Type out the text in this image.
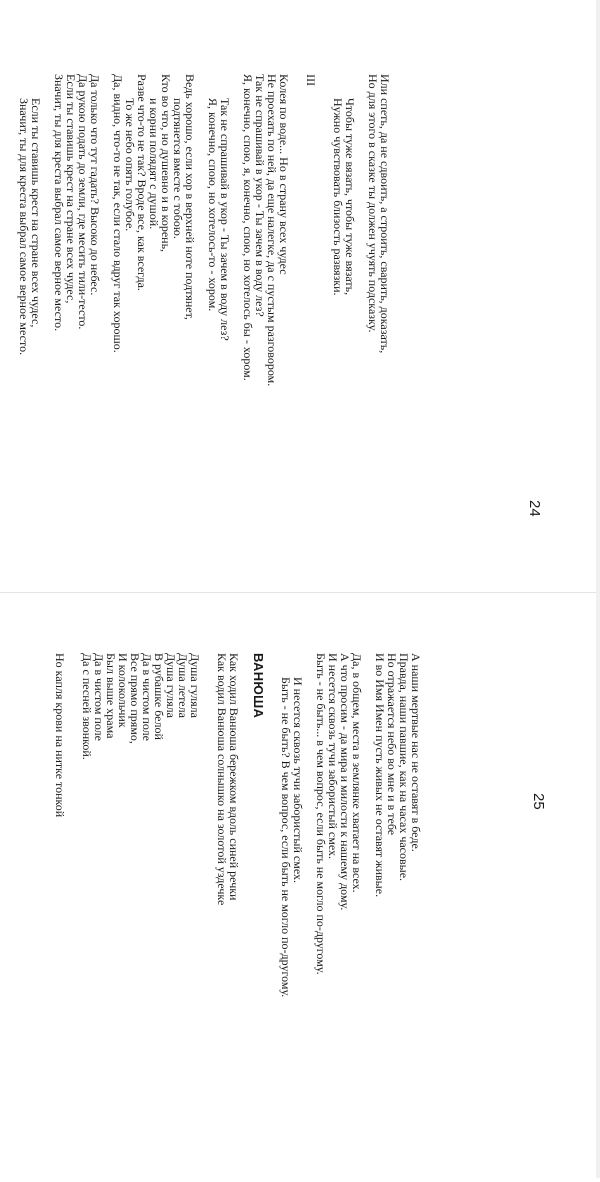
24
Или спеть, да не сдвоить, а строить, сварить, доказать,
Но для этого в сказке ты должен учуять подсказку.
Чтобы туже вязать, чтобы туже вязать,
Нужно чувствовать близость развязки.
III
Колея по воде... Но в страну всех чудес
Не проехать по ней, да еще налегке, да с пустым разговором.
Так не спрашивай в укор - Ты зачем в воду лез?
Я, конечно, спою, я, конечно, спою, но хотелось бы - хором.
Так не спрашивай в укор - Ты зачем в воду лез?
Я, конечно, спою, но хотелось-то - хором.
Ведь хорошо, если хор в верхней ноте подтянет,
подтянется вместе с тобою.
Кто во что, но душевно и в корень,
и корни полядят с душой.
Разве что-то не так? Вроде все, как всегда.
То же небо опять голубое.
Да, видно, что-то не так, если стало вдруг так хорошо.
Да только что тут гадать? Высоко до небес.
Да рукою подать до земли, где месить тили-тесто.
Если ты ставишь крест на стране всех чудес,
Значит, ты для креста выбрал самое верное место.
Если ты ставишь крест на стране всех чудес,
Значит, ты для креста выбрал самое верное место.
25
А наши мертвые нас не оставят в беде.
Правда, наши павшие, как на часах часовые.
Но отражается небо во мне и в тебе
И во Имя Имен пусть живых не оставят живые.
Да, в общем, места в землянке хватает на всех.
А что просим - да мира и милости к нашему дому.
И несется сквозь тучи забористый смех.
Быть - не быть... в чем вопрос, если быть не могло по-другому.
И несется сквозь тучи забористый смех.
Быть - не быть? В чем вопрос, если быть не могло по-другому.
ВАНЮША
Как ходил Ванюша бережком вдоль синей речки
Как водил Ванюша солнышко на золотой уздечке
Душа гуляла
Душа летела
Душа гуляла
В рубашке белой
Да в чистом поле
Все прямо прямо,
И колокольчик
Был выше храма
Да в чистом поле
Да с песней звонкой.
Но капля крови на нитке тонкой
